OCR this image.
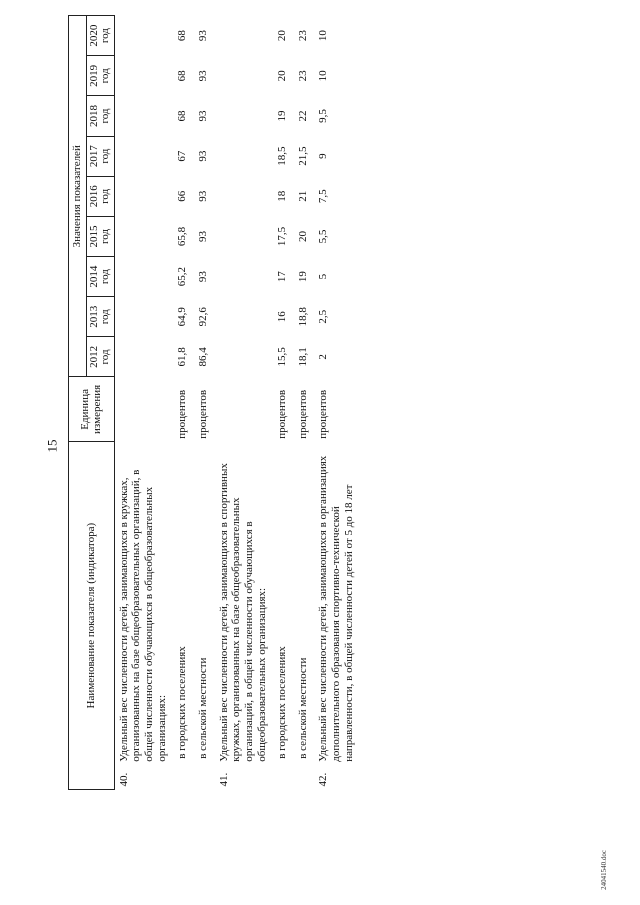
15
24041540.doc
Наименование показателя (индикатора)		Единица измерения	Значения показателей								
			2012 год	2013 год	2014 год	2015 год	2016 год	2017 год	2018 год	2019 год	2020 год
40.	Удельный вес численности детей, занимающихся в кружках, организованных на базе общеобразовательных организаций, в общей численности обучающихся в общеобразовательных организациях:										
	в городских поселениях	процентов	61,8	64,9	65,2	65,8	66	67	68	68	68
	в сельской местности	процентов	86,4	92,6	93	93	93	93	93	93	93
41.	Удельный вес численности детей, занимающихся в спортивных кружках, организованных на базе общеобразовательных организаций, в общей численности обучающихся в общеобразовательных организациях:										
	в городских поселениях	процентов	15,5	16	17	17,5	18	18,5	19	20	20
	в сельской местности	процентов	18,1	18,8	19	20	21	21,5	22	23	23
42.	Удельный вес численности детей, занимающихся в организациях дополнительного образования спортивно-технической направленности, в общей численности детей от 5 до 18 лет	процентов	2	2,5	5	5,5	7,5	9	9,5	10	10
